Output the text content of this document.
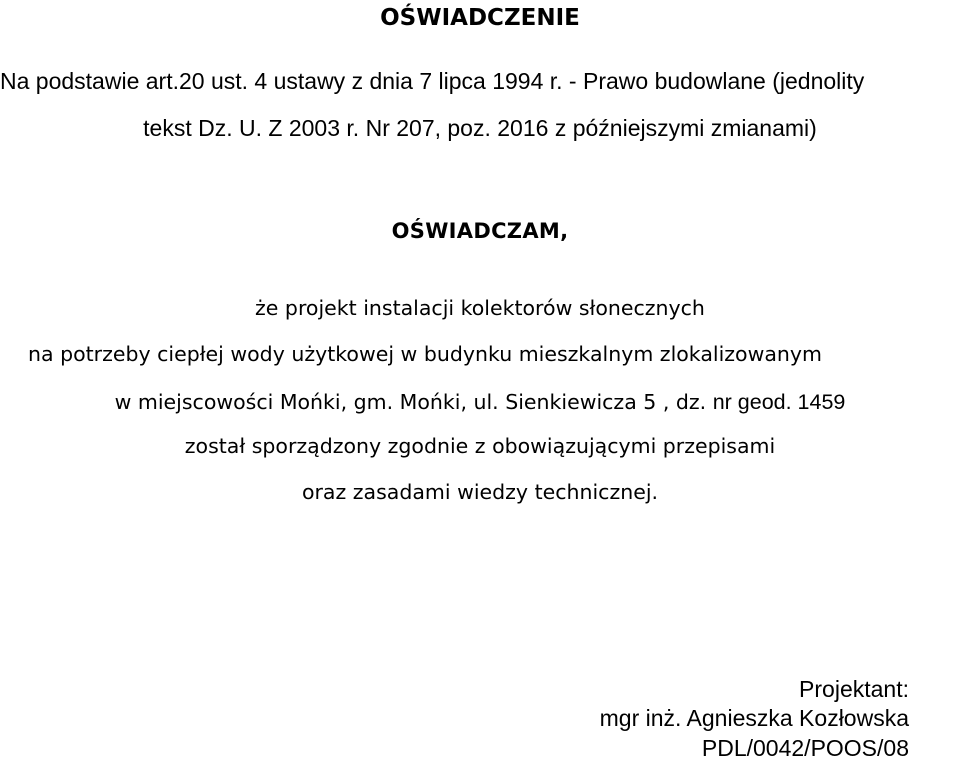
OŚWIADCZENIE
Na podstawie art.20 ust. 4 ustawy z dnia 7 lipca 1994 r. - Prawo budowlane (jednolity
tekst Dz. U. Z 2003 r. Nr 207, poz. 2016 z późniejszymi zmianami)
OŚWIADCZAM,
że projekt instalacji kolektorów słonecznych
na potrzeby ciepłej wody użytkowej w budynku mieszkalnym zlokalizowanym
w miejscowości Mońki, gm. Mońki, ul. Sienkiewicza 5 , dz. nr geod. 1459
został sporządzony zgodnie z obowiązującymi przepisami
oraz zasadami wiedzy technicznej.
Projektant:
mgr inż. Agnieszka Kozłowska
PDL/0042/POOS/08
